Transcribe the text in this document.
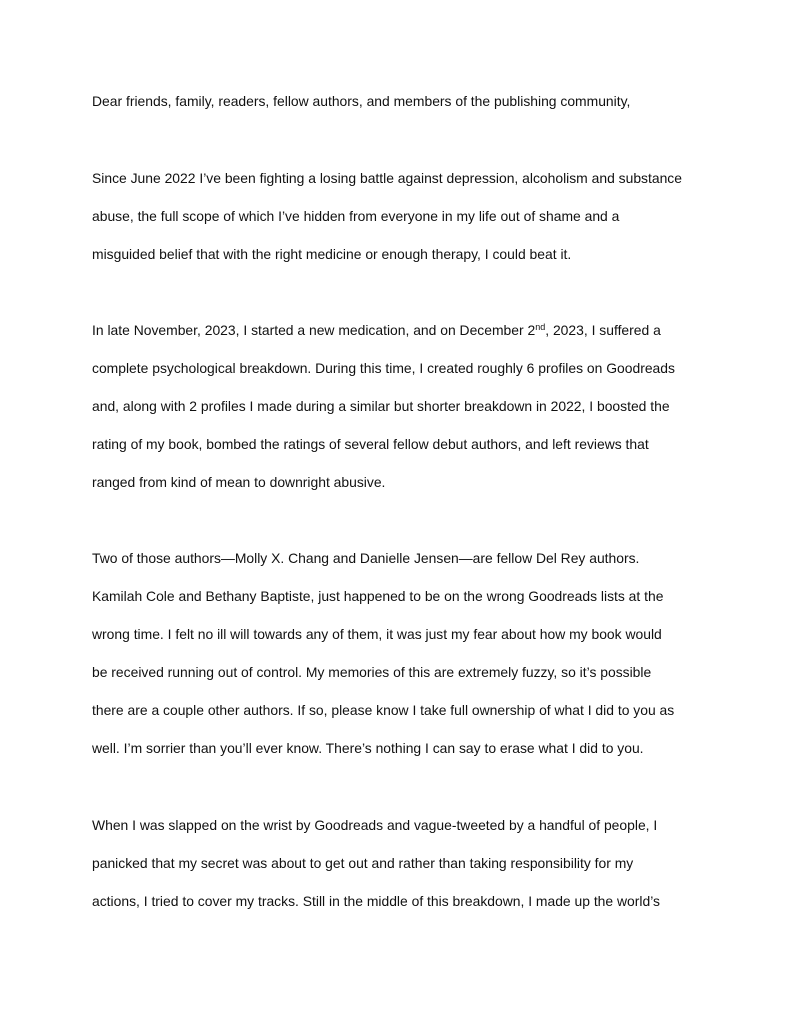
Dear friends, family, readers, fellow authors, and members of the publishing community,

Since June 2022 I’ve been fighting a losing battle against depression, alcoholism and substance

abuse, the full scope of which I’ve hidden from everyone in my life out of shame and a

misguided belief that with the right medicine or enough therapy, I could beat it.

In late November, 2023, I started a new medication, and on December 2nd, 2023, I suffered a

complete psychological breakdown. During this time, I created roughly 6 profiles on Goodreads

and, along with 2 profiles I made during a similar but shorter breakdown in 2022, I boosted the

rating of my book, bombed the ratings of several fellow debut authors, and left reviews that

ranged from kind of mean to downright abusive.

Two of those authors—Molly X. Chang and Danielle Jensen—are fellow Del Rey authors.

Kamilah Cole and Bethany Baptiste, just happened to be on the wrong Goodreads lists at the

wrong time. I felt no ill will towards any of them, it was just my fear about how my book would

be received running out of control. My memories of this are extremely fuzzy, so it’s possible

there are a couple other authors. If so, please know I take full ownership of what I did to you as

well. I’m sorrier than you’ll ever know. There’s nothing I can say to erase what I did to you.

When I was slapped on the wrist by Goodreads and vague-tweeted by a handful of people, I

panicked that my secret was about to get out and rather than taking responsibility for my

actions, I tried to cover my tracks. Still in the middle of this breakdown, I made up the world’s
